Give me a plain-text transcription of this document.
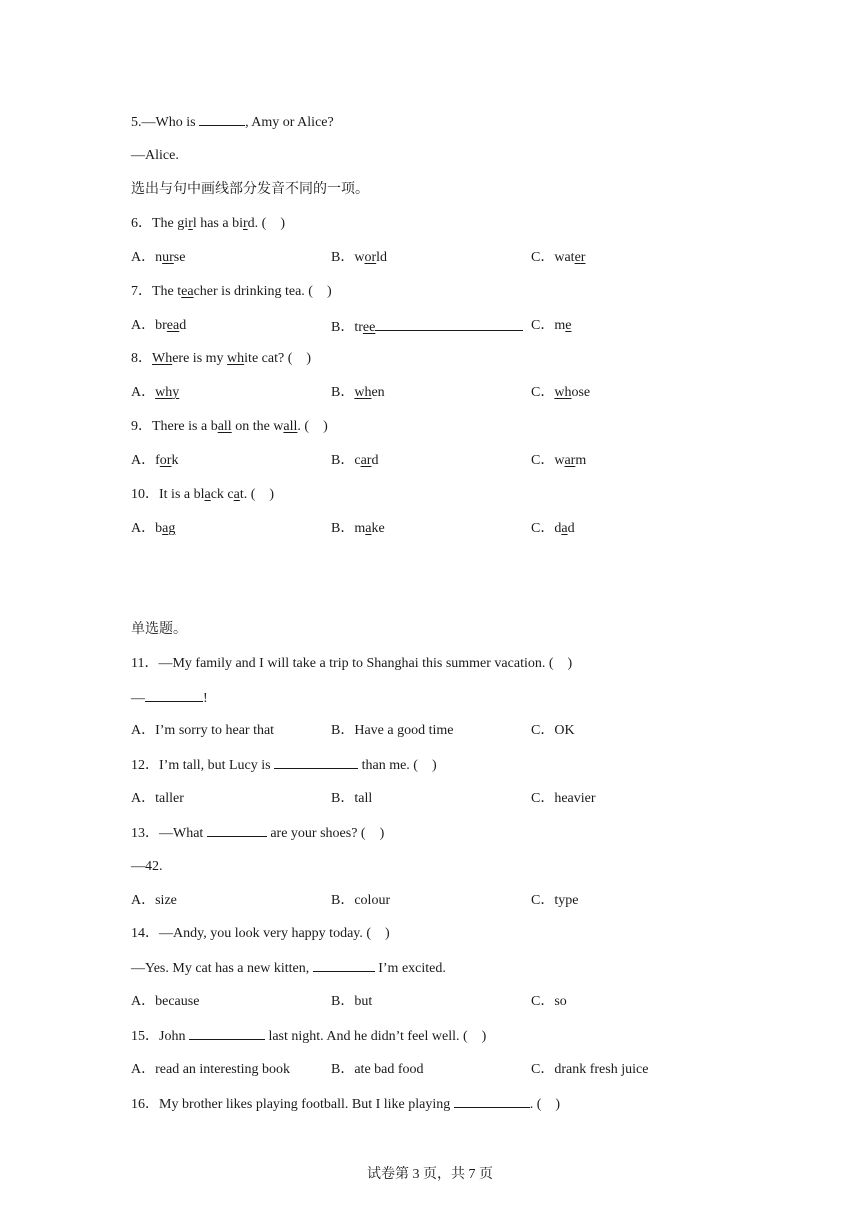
5.—Who is	, Amy or Alice?
—Alice.
选出与句中画线部分发音不同的一项。
6．The girl has a bird. (    )
A．nurse	B．world	C．water
7．The teacher is drinking tea. (    )
A．bread	B．tree	C．me
8．Where is my white cat? (    )
A．why	B．when	C．whose
9．There is a ball on the wall. (    )
A．fork	B．card	C．warm
10．It is a black cat. (    )
A．bag	B．make	C．dad
单选题。
11．—My family and I will take a trip to Shanghai this summer vacation. (    )
—	!
A．I’m sorry to hear that	B．Have a good time	C．OK
12．I’m tall, but Lucy is	than me. (    )
A．taller	B．tall	C．heavier
13．—What	are your shoes? (    )
—42.
A．size	B．colour	C．type
14．—Andy, you look very happy today. (    )
—Yes. My cat has a new kitten,	I’m excited.
A．because	B．but	C．so
15．John	last night. And he didn’t feel well. (    )
A．read an interesting book	B．ate bad food	C．drank fresh juice
16．My brother likes playing football. But I like playing	. (    )
试卷第 3 页，共 7 页
